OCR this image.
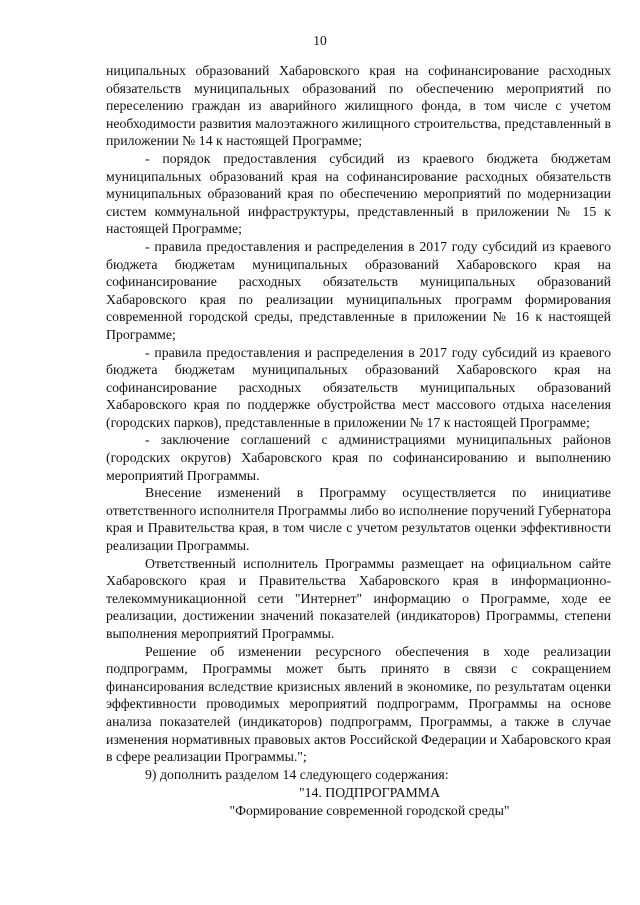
10

ниципальных образований Хабаровского края на софинансирование расходных обязательств муниципальных образований по обеспечению мероприятий по переселению граждан из аварийного жилищного фонда, в том числе с учетом необходимости развития малоэтажного жилищного строительства, представленный в приложении № 14 к настоящей Программе;

- порядок предоставления субсидий из краевого бюджета бюджетам муниципальных образований края на софинансирование расходных обязательств муниципальных образований края по обеспечению мероприятий по модернизации систем коммунальной инфраструктуры, представленный в приложении № 15 к настоящей Программе;

- правила предоставления и распределения в 2017 году субсидий из краевого бюджета бюджетам муниципальных образований Хабаровского края на софинансирование расходных обязательств муниципальных образований Хабаровского края по реализации муниципальных программ формирования современной городской среды, представленные в приложении № 16 к настоящей Программе;

- правила предоставления и распределения в 2017 году субсидий из краевого бюджета бюджетам муниципальных образований Хабаровского края на софинансирование расходных обязательств муниципальных образований Хабаровского края по поддержке обустройства мест массового отдыха населения (городских парков), представленные в приложении № 17 к настоящей Программе;

- заключение соглашений с администрациями муниципальных районов (городских округов) Хабаровского края по софинансированию и выполнению мероприятий Программы.

Внесение изменений в Программу осуществляется по инициативе ответственного исполнителя Программы либо во исполнение поручений Губернатора края и Правительства края, в том числе с учетом результатов оценки эффективности реализации Программы.

Ответственный исполнитель Программы размещает на официальном сайте Хабаровского края и Правительства Хабаровского края в информационно-телекоммуникационной сети "Интернет" информацию о Программе, ходе ее реализации, достижении значений показателей (индикаторов) Программы, степени выполнения мероприятий Программы.

Решение об изменении ресурсного обеспечения в ходе реализации подпрограмм, Программы может быть принято в связи с сокращением финансирования вследствие кризисных явлений в экономике, по результатам оценки эффективности проводимых мероприятий подпрограмм, Программы на основе анализа показателей (индикаторов) подпрограмм, Программы, а также в случае изменения нормативных правовых актов Российской Федерации и Хабаровского края в сфере реализации Программы.";

9) дополнить разделом 14 следующего содержания:

"14. ПОДПРОГРАММА

"Формирование современной городской среды"
